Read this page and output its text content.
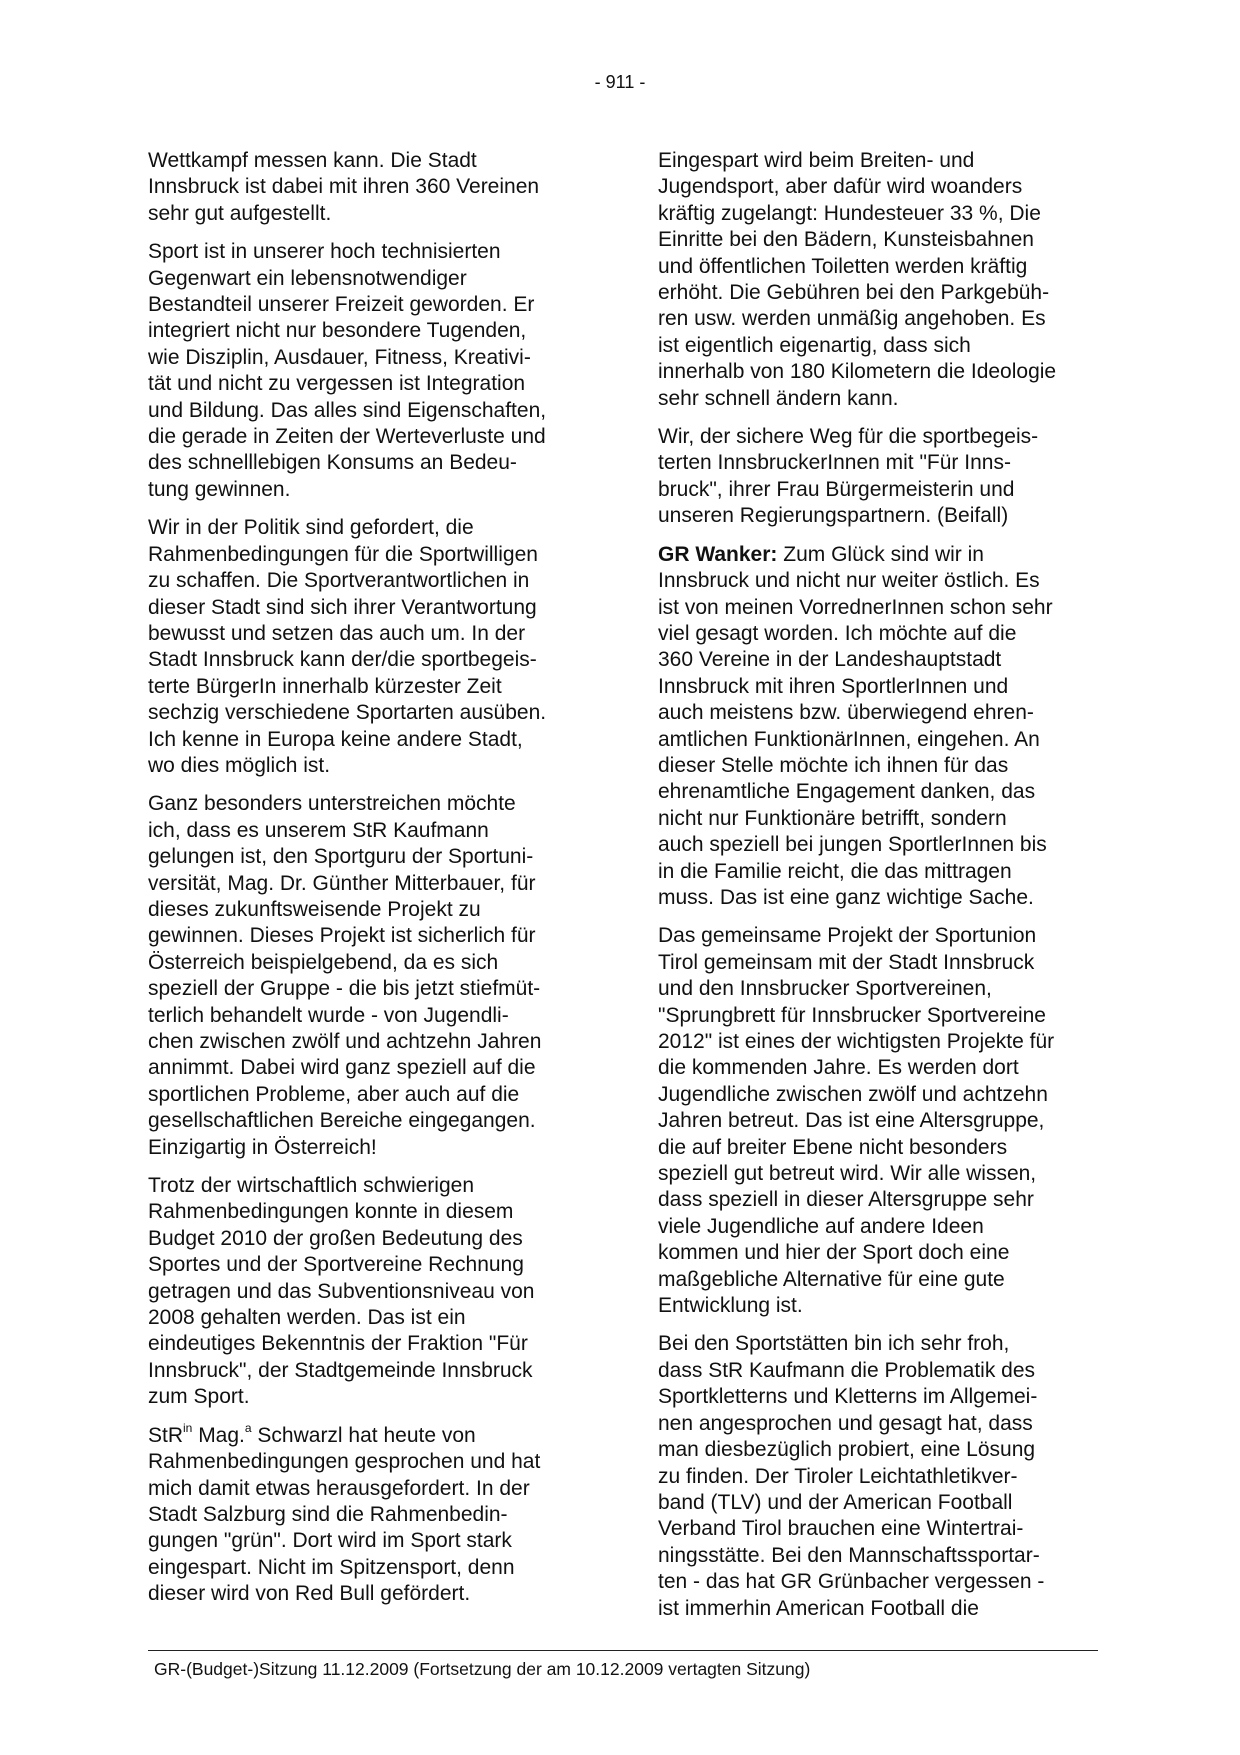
- 911 -

Wettkampf messen kann. Die Stadt
Innsbruck ist dabei mit ihren 360 Vereinen
sehr gut aufgestellt.

Sport ist in unserer hoch technisierten
Gegenwart ein lebensnotwendiger
Bestandteil unserer Freizeit geworden. Er
integriert nicht nur besondere Tugenden,
wie Disziplin, Ausdauer, Fitness, Kreativi-
tät und nicht zu vergessen ist Integration
und Bildung. Das alles sind Eigenschaften,
die gerade in Zeiten der Werteverluste und
des schnelllebigen Konsums an Bedeu-
tung gewinnen.

Wir in der Politik sind gefordert, die
Rahmenbedingungen für die Sportwilligen
zu schaffen. Die Sportverantwortlichen in
dieser Stadt sind sich ihrer Verantwortung
bewusst und setzen das auch um. In der
Stadt Innsbruck kann der/die sportbegeis-
terte BürgerIn innerhalb kürzester Zeit
sechzig verschiedene Sportarten ausüben.
Ich kenne in Europa keine andere Stadt,
wo dies möglich ist.

Ganz besonders unterstreichen möchte
ich, dass es unserem StR Kaufmann
gelungen ist, den Sportguru der Sportuni-
versität, Mag. Dr. Günther Mitterbauer, für
dieses zukunftsweisende Projekt zu
gewinnen. Dieses Projekt ist sicherlich für
Österreich beispielgebend, da es sich
speziell der Gruppe - die bis jetzt stiefmüt-
terlich behandelt wurde - von Jugendli-
chen zwischen zwölf und achtzehn Jahren
annimmt. Dabei wird ganz speziell auf die
sportlichen Probleme, aber auch auf die
gesellschaftlichen Bereiche eingegangen.
Einzigartig in Österreich!

Trotz der wirtschaftlich schwierigen
Rahmenbedingungen konnte in diesem
Budget 2010 der großen Bedeutung des
Sportes und der Sportvereine Rechnung
getragen und das Subventionsniveau von
2008 gehalten werden. Das ist ein
eindeutiges Bekenntnis der Fraktion "Für
Innsbruck", der Stadtgemeinde Innsbruck
zum Sport.

StR$^{in}$ Mag.$^a$ Schwarzl hat heute von
Rahmenbedingungen gesprochen und hat
mich damit etwas herausgefordert. In der
Stadt Salzburg sind die Rahmenbedin-
gungen "grün". Dort wird im Sport stark
eingespart. Nicht im Spitzensport, denn
dieser wird von Red Bull gefördert.

Eingespart wird beim Breiten- und
Jugendsport, aber dafür wird woanders
kräftig zugelangt: Hundesteuer 33 %, Die
Einritte bei den Bädern, Kunsteisbahnen
und öffentlichen Toiletten werden kräftig
erhöht. Die Gebühren bei den Parkgebüh-
ren usw. werden unmäßig angehoben. Es
ist eigentlich eigenartig, dass sich
innerhalb von 180 Kilometern die Ideologie
sehr schnell ändern kann.

Wir, der sichere Weg für die sportbegeis-
terten InnsbruckerInnen mit "Für Inns-
bruck", ihrer Frau Bürgermeisterin und
unseren Regierungspartnern. (Beifall)

GR Wanker: Zum Glück sind wir in
Innsbruck und nicht nur weiter östlich. Es
ist von meinen VorrednerInnen schon sehr
viel gesagt worden. Ich möchte auf die
360 Vereine in der Landeshauptstadt
Innsbruck mit ihren SportlerInnen und
auch meistens bzw. überwiegend ehren-
amtlichen FunktionärInnen, eingehen. An
dieser Stelle möchte ich ihnen für das
ehrenamtliche Engagement danken, das
nicht nur Funktionäre betrifft, sondern
auch speziell bei jungen SportlerInnen bis
in die Familie reicht, die das mittragen
muss. Das ist eine ganz wichtige Sache.

Das gemeinsame Projekt der Sportunion
Tirol gemeinsam mit der Stadt Innsbruck
und den Innsbrucker Sportvereinen,
"Sprungbrett für Innsbrucker Sportvereine
2012" ist eines der wichtigsten Projekte für
die kommenden Jahre. Es werden dort
Jugendliche zwischen zwölf und achtzehn
Jahren betreut. Das ist eine Altersgruppe,
die auf breiter Ebene nicht besonders
speziell gut betreut wird. Wir alle wissen,
dass speziell in dieser Altersgruppe sehr
viele Jugendliche auf andere Ideen
kommen und hier der Sport doch eine
maßgebliche Alternative für eine gute
Entwicklung ist.

Bei den Sportstätten bin ich sehr froh,
dass StR Kaufmann die Problematik des
Sportkletterns und Kletterns im Allgemei-
nen angesprochen und gesagt hat, dass
man diesbezüglich probiert, eine Lösung
zu finden. Der Tiroler Leichtathletikver-
band (TLV) und der American Football
Verband Tirol brauchen eine Wintertrai-
ningsstätte. Bei den Mannschaftssportar-
ten - das hat GR Grünbacher vergessen -
ist immerhin American Football die

GR-(Budget-)Sitzung 11.12.2009 (Fortsetzung der am 10.12.2009 vertagten Sitzung)
